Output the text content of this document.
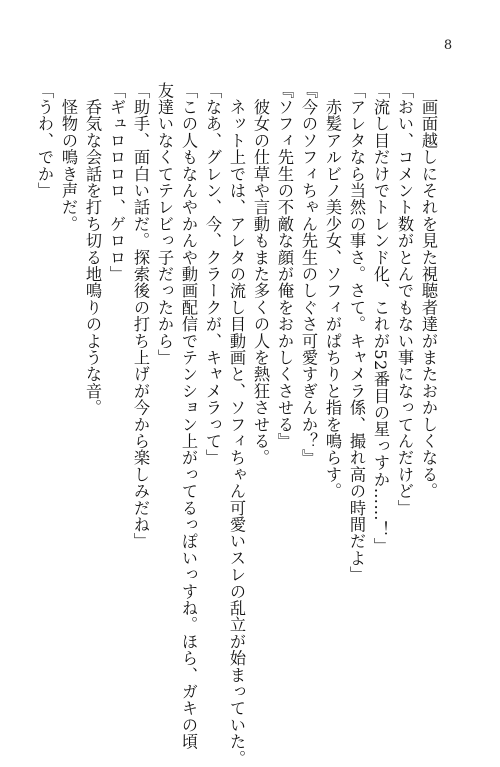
8
　画面越しにそれを見た視聴者達がまたおかしくなる。
「おい、コメント数がとんでもない事になってんだけど」
「流し目だけでトレンド化、これが52番目の星っすか……！」
「アレタなら当然の事さ。さて。キャメラ係、撮れ高の時間だよ」
　赤髪アルビノ美少女、ソフィがぱちりと指を鳴らす。
『今のソフィちゃん先生のしぐさ可愛すぎんか？』
『ソフィ先生の不敵な顔が俺をおかしくさせる』
　彼女の仕草や言動もまた多くの人を熱狂させる。
　ネット上では、アレタの流し目動画と、ソフィちゃん可愛いスレの乱立が始まっていた。
「なあ、グレン、今、クラークが、キャメラって」
「この人もなんやかんや動画配信でテンション上がってるっぽいっすね。ほら、ガキの頃
友達いなくてテレビっ子だったから」
「助手、面白い話だ。探索後の打ち上げが今から楽しみだね」
「ギュロロロロ、ゲロロ」
　呑気な会話を打ち切る地鳴りのような音。
　怪物の鳴き声だ。
「うわ、でか」
